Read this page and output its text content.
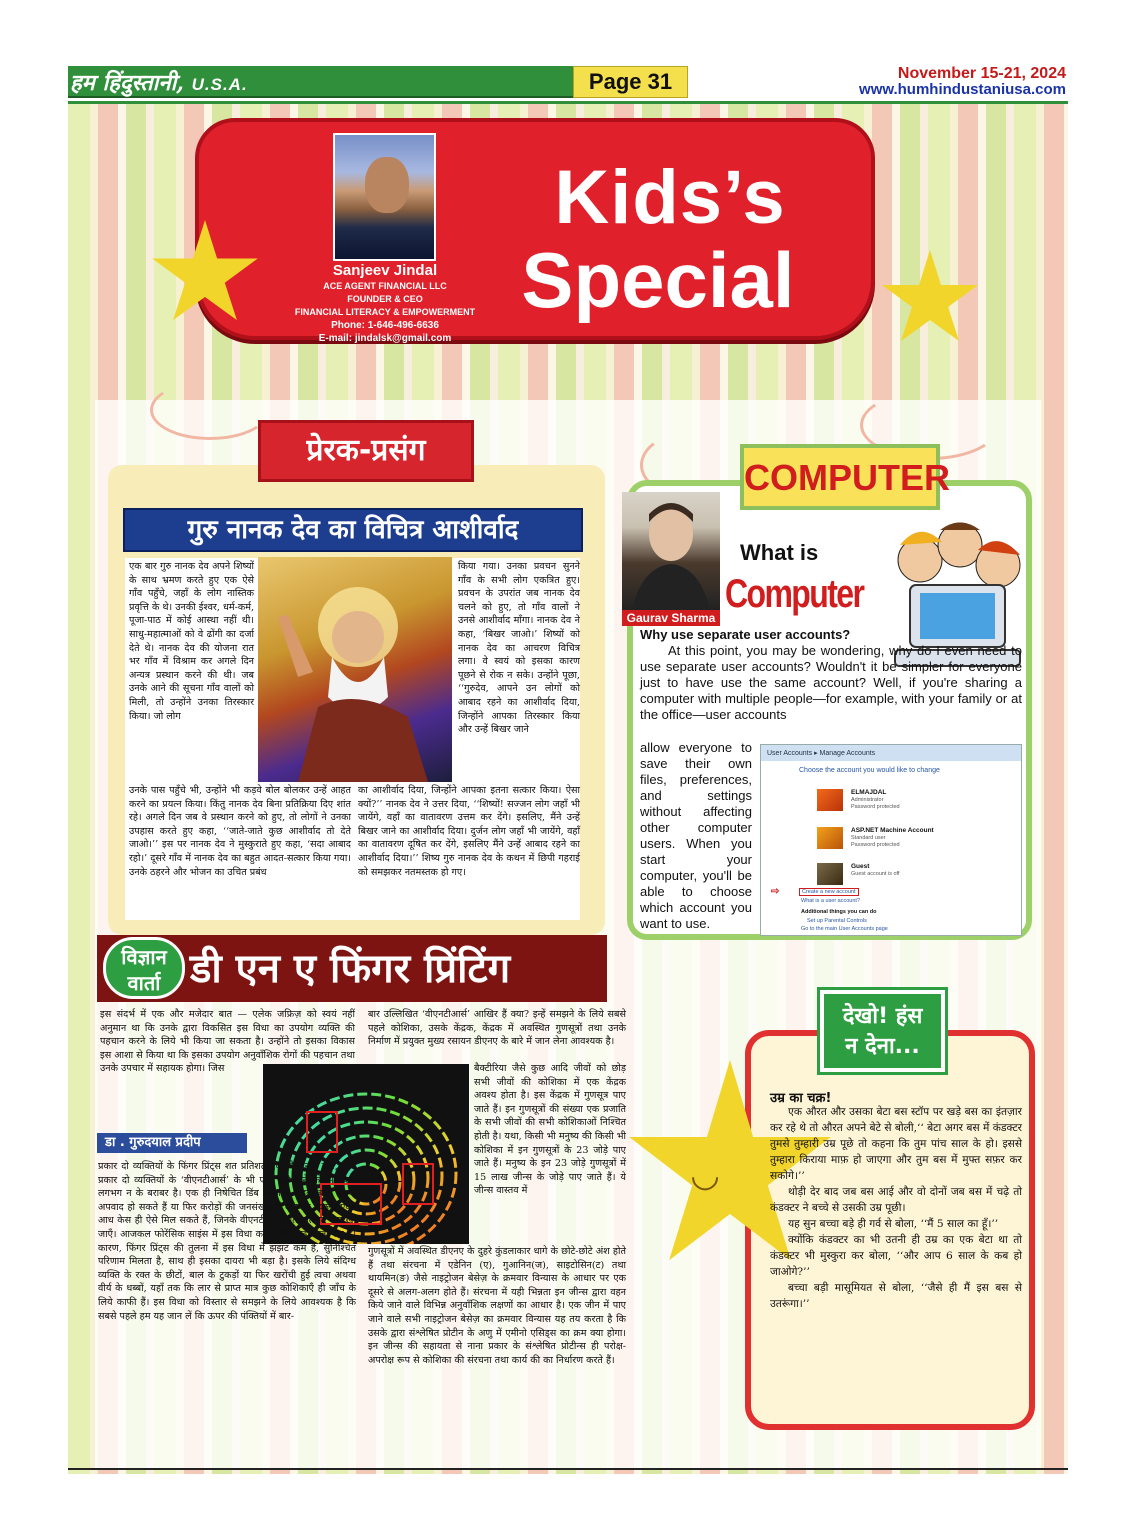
हम हिंदुस्तानी, U.S.A.	Page 31	November 15-21, 2024
www.humhindustaniusa.com
Sanjeev Jindal
ACE AGENT FINANCIAL LLC
FOUNDER & CEO
FINANCIAL LITERACY & EMPOWERMENT
Phone: 1-646-496-6636
E-mail: jindalsk@gmail.com
Kids’s
Special
प्रेरक-प्रसंग
गुरु नानक देव का विचित्र आशीर्वाद
एक बार गुरु नानक देव अपने शिष्यों के साथ भ्रमण करते हुए एक ऐसे गाँव पहुँचे, जहाँ के लोग नास्तिक प्रवृत्ति के थे। उनकी ईश्वर, धर्म-कर्म, पूजा-पाठ में कोई आस्था नहीं थी। साधु-महात्माओं को वे ढोंगी का दर्जा देते थे। नानक देव की योजना रात भर गाँव में विश्राम कर अगले दिन अन्यत्र प्रस्थान करने की थी। जब उनके आने की सूचना गाँव वालों को मिली, तो उन्होंने उनका तिरस्कार किया। जो लोग
किया गया। उनका प्रवचन सुनने गाँव के सभी लोग एकत्रित हुए। प्रवचन के उपरांत जब नानक देव चलने को हुए, तो गाँव वालों ने उनसे आशीर्वाद माँगा। नानक देव ने कहा, ‘बिखर जाओ।’ शिष्यों को नानक देव का आचरण विचित्र लगा। वे स्वयं को इसका कारण पूछने से रोक न सके। उन्होंने पूछा, ‘‘गुरुदेव, आपने उन लोगों को आबाद रहने का आशीर्वाद दिया, जिन्होंने आपका तिरस्कार किया और उन्हें बिखर जाने
उनके पास पहुँचे भी, उन्होंने भी कड़वे बोल बोलकर उन्हें आहत करने का प्रयत्न किया। किंतु नानक देव बिना प्रतिक्रिया दिए शांत रहे। अगले दिन जब वे प्रस्थान करने को हुए, तो लोगों ने उनका उपहास करते हुए कहा, ‘‘जाते-जाते कुछ आशीर्वाद तो देते जाओ।’’ इस पर नानक देव ने मुस्कुराते हुए कहा, ‘सदा आबाद रहो।’ दूसरे गाँव में नानक देव का बहुत आदत-सत्कार किया गया। उनके ठहरने और भोजन का उचित प्रबंध
का आशीर्वाद दिया, जिन्होंने आपका इतना सत्कार किया। ऐसा क्यों?’’ नानक देव ने उत्तर दिया, ‘‘शिष्यों! सज्जन लोग जहाँ भी जायेंगे, वहाँ का वातावरण उत्तम कर देंगे। इसलिए, मैंने उन्हें बिखर जाने का आशीर्वाद दिया। दुर्जन लोग जहाँ भी जायेंगे, वहाँ का वातावरण दूषित कर देंगे, इसलिए मैंने उन्हें आबाद रहने का आशीर्वाद दिया।’’ शिष्य गुरु नानक देव के कथन में छिपी गहराई को समझकर नतमस्तक हो गए।
COMPUTER
Gaurav Sharma
What is
Computer
Why use separate user accounts?
At this point, you may be wondering, why do I even need to use separate user accounts? Wouldn't it be simpler for everyone just to have use the same account? Well, if you're sharing a computer with multiple people—for example, with your family or at the office—user accounts
allow everyone to save their own files, preferences, and settings without affecting other computer users. When you start your computer, you'll be able to choose which account you want to use.
User Accounts ▸ Manage Accounts
Choose the account you would like to change
ELMAJDAL
Administrator
Password protected
ASP.NET Machine Account
Standard user
Password protected
Guest
Guest account is off
⇨	Create a new account
What is a user account?
Additional things you can do
Set up Parental Controls
Go to the main User Accounts page
विज्ञान वार्ता डी एन ए फिंगर प्रिंटिंग
इस संदर्भ में एक और मजेदार बात — एलेक जफ्रिज़ को स्वयं नहीं अनुमान था कि उनके द्वारा विकसित इस विधा का उपयोग व्यक्ति की पहचान करने के लिये भी किया जा सकता है। उन्होंने तो इसका विकास इस आशा से किया था कि इसका उपयोग अनुवाँशिक रोगों की पहचान तथा उनके उपचार में सहायक होगा। जिस
डा . गुरुदयाल प्रदीप
प्रकार दो व्यक्तियों के फिंगर प्रिंट्स शत प्रतिशत एक जैसे नहीं होते, उसी प्रकार दो व्यक्तियों के ‘वीएनटीआर्स’ के भी एक जैसे होने की संभावना लगभग न के बराबर है। एक ही निषेचित डिंब से जन्में जुड़वाँ बच्चे इसके अपवाद हो सकते हैं या फिर करोड़ों की जनसंख्या में अपवाद स्वरूप एक-आध केस ही ऐसे मिल सकते हैं, जिनके वीएनटीआर्स शत-प्रतिशत मेल खा जाएँ। आजकल फोरेंसिक साइंस में इस विधा का उपयोग बढ़ता जा रहा है। कारण, फिंगर प्रिंट्स की तुलना में इस विधा में झंझट कम हैं, सुनिश्चित परिणाम मिलता है, साथ ही इसका दायरा भी बड़ा है। इसके लिये संदिग्ध व्यक्ति के रक्त के छीटों, बाल के टुकड़ों या फिर खरोंची हुई त्वचा अथवा वीर्य के धब्बों, यहाँ तक कि लार से प्राप्त मात्र कुछ कोशिकाएँ ही जाँच के लिये काफी हैं। इस विधा को विस्तार से समझने के लिये आवश्यक है कि सबसे पहले हम यह जान लें कि ऊपर की पंक्तियों में बार-
बार उल्लिखित ‘वीएनटीआर्स’ आखिर हैं क्या? इन्हें समझने के लिये सबसे पहले कोशिका, उसके केंद्रक, केंद्रक में अवस्थित गुणसूत्रों तथा उनके निर्माण में प्रयुक्त मुख्य रसायन डीएनए के बारे में जान लेना आवश्यक है।
बैक्टीरिया जैसे कुछ आदि जीवों को छोड़ सभी जीवों की कोशिका में एक केंद्रक अवश्य होता है। इस केंद्रक में गुणसूत्र पाए जाते हैं। इन गुणसूत्रों की संख्या एक प्रजाति के सभी जीवों की सभी कोशिकाओं निश्चित होती है। यथा, किसी भी मनुष्य की किसी भी कोशिका में इन गुणसूत्रों के 23 जोड़े पाए जाते हैं। मनुष्य के इन 23 जोड़े गुणसूत्रों में 15 लाख जीन्स के जोड़े पाए जाते हैं। ये जीन्स वास्तव में
गुणसूत्रों में अवस्थित डीएनए के दुहरे कुंडलाकार धागे के छोटे-छोटे अंश होते हैं तथा संरचना में एडेनिन (ए), गुआनिन(ज), साइटोसिन(ट) तथा थायमिन(ङ) जैसे नाइट्रोजन बेसेज़ के क्रमवार विन्यास के आधार पर एक दूसरे से अलग-अलग होते हैं। संरचना में यही भिन्नता इन जीन्स द्वारा वहन किये जाने वाले विभिन्न अनुवाँशिक लक्षणों का आधार है। एक जीन में पाए जाने वाले सभी नाइट्रोजन बेसेज़ का क्रमवार विन्यास यह तय करता है कि उसके द्वारा संश्लेषित प्रोटीन के अणु में एमीनो एसिड्स का क्रम क्या होगा। इन जीन्स की सहायता से नाना प्रकार के संश्लेषित प्रोटीन्स ही परोक्ष-अपरोक्ष रूप से कोशिका की संरचना तथा कार्य की का निर्धारण करते हैं।
देखो! हंस
न देना...
◡
उम्र का चक्र!

एक औरत और उसका बेटा बस स्टॉप पर खड़े बस का इंतज़ार कर रहे थे तो औरत अपने बेटे से बोली,‘‘ बेटा अगर बस में कंडक्टर तुमसे तुम्हारी उम्र पूछे तो कहना कि तुम पांच साल के हो। इससे तुम्हारा किराया माफ़ हो जाएगा और तुम बस में मुफ्त सफ़र कर सकोगे।’’

थोड़ी देर बाद जब बस आई और वो दोनों जब बस में चढ़े तो कंडक्टर ने बच्चे से उसकी उम्र पूछी।

यह सुन बच्चा बड़े ही गर्व से बोला, ‘‘मैं 5 साल का हूँ।’’

क्योंकि कंडक्टर का भी उतनी ही उम्र का एक बेटा था तो कंडक्टर भी मुस्कुरा कर बोला, ‘‘और आप 6 साल के कब हो जाओगे?’’

बच्चा बड़ी मासूमियत से बोला, ‘‘जैसे ही मैं इस बस से उतरूंगा।’’
